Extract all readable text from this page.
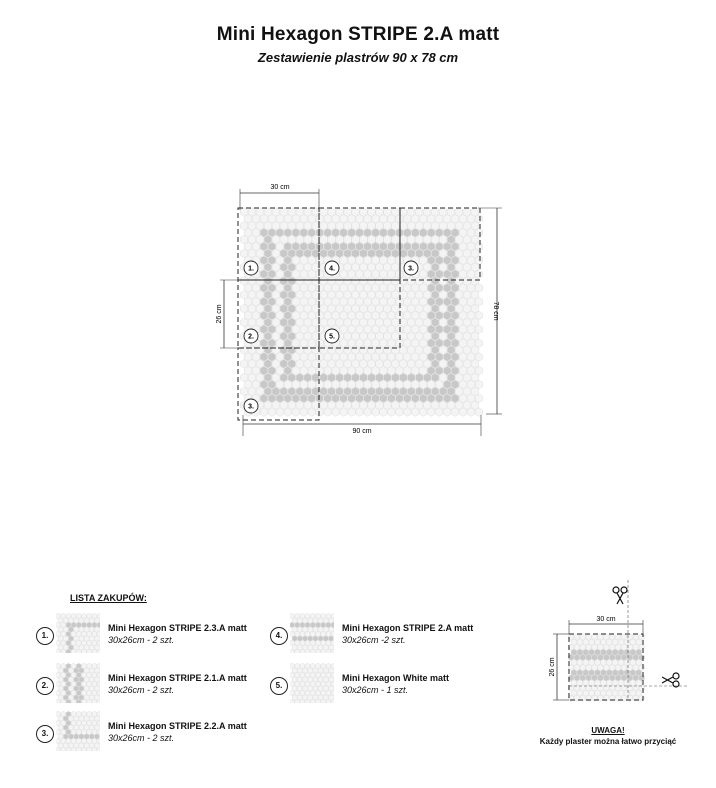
Mini Hexagon STRIPE 2.A matt
Zestawienie plastrów 90 x 78 cm
1.	4.	3.
2.	5.
3.
30 cm
26 cm
90 cm
78 cm
30 cm
26 cm
LISTA ZAKUPÓW:
1.
Mini Hexagon STRIPE 2.3.A matt
30x26cm - 2 szt.
2.
Mini Hexagon STRIPE 2.1.A matt
30x26cm - 2 szt.
3.
Mini Hexagon STRIPE 2.2.A matt
30x26cm - 2 szt.
4.
Mini Hexagon STRIPE 2.A matt
30x26cm -2 szt.
5.
Mini Hexagon White matt
30x26cm - 1 szt.
UWAGA!
Każdy plaster można łatwo przyciąć
